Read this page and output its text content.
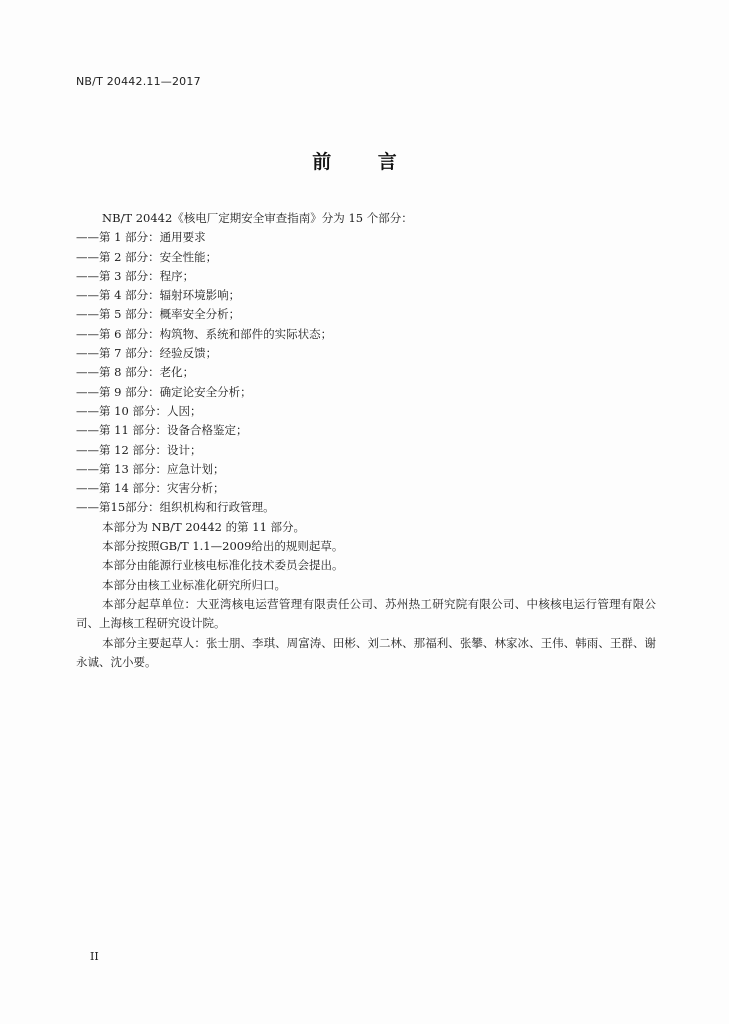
NB/T 20442.11—2017
前 言
NB/T 20442《核电厂定期安全审查指南》分为 15 个部分：
——第 1 部分：通用要求
——第 2 部分：安全性能；
——第 3 部分：程序；
——第 4 部分：辐射环境影响；
——第 5 部分：概率安全分析；
——第 6 部分：构筑物、系统和部件的实际状态；
——第 7 部分：经验反馈；
——第 8 部分：老化；
——第 9 部分：确定论安全分析；
——第 10 部分：人因；
——第 11 部分：设备合格鉴定；
——第 12 部分：设计；
——第 13 部分：应急计划；
——第 14 部分：灾害分析；
——第15部分：组织机构和行政管理。
本部分为 NB/T 20442 的第 11 部分。
本部分按照GB/T 1.1—2009给出的规则起草。
本部分由能源行业核电标准化技术委员会提出。
本部分由核工业标准化研究所归口。
本部分起草单位：大亚湾核电运营管理有限责任公司、苏州热工研究院有限公司、中核核电运行管理有限公司、上海核工程研究设计院。
本部分主要起草人：张士朋、李琪、周富涛、田彬、刘二林、那福利、张攀、林家冰、王伟、韩雨、王群、谢永诚、沈小要。
II
